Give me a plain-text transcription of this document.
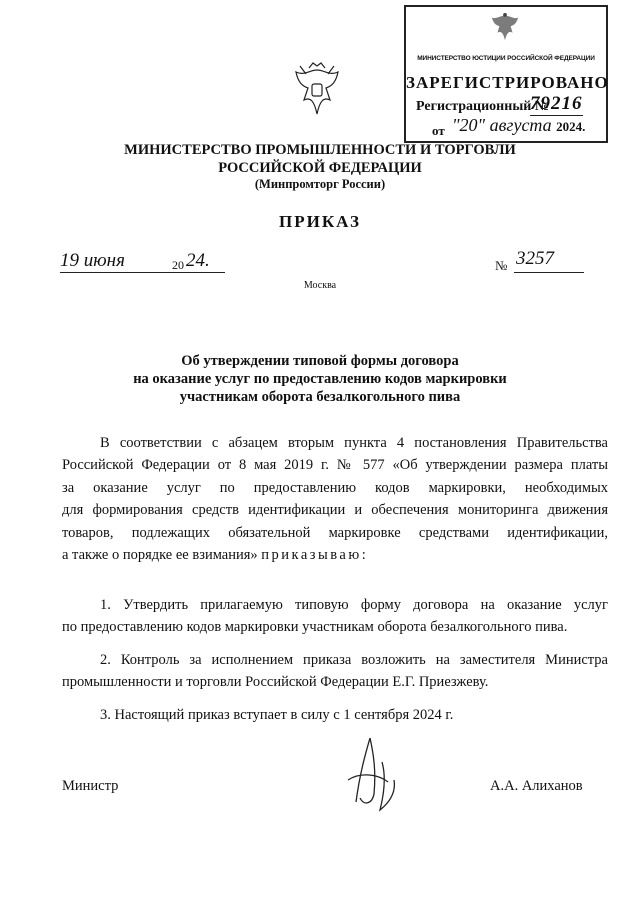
МИНИСТЕРСТВО ЮСТИЦИИ РОССИЙСКОЙ ФЕДЕРАЦИИ
ЗАРЕГИСТРИРОВАНО
Регистрационный №
79216
от "20" августа 2024.
МИНИСТЕРСТВО ПРОМЫШЛЕННОСТИ И ТОРГОВЛИ
РОССИЙСКОЙ ФЕДЕРАЦИИ
(Минпромторг России)
ПРИКАЗ
19 июня	20 24.	№ 3257
Москва
Об утверждении типовой формы договора
на оказание услуг по предоставлению кодов маркировки
участникам оборота безалкогольного пива
В соответствии с абзацем вторым пункта 4 постановления Правительства
Российской Федерации от 8 мая 2019 г. № 577 «Об утверждении размера платы
за оказание услуг по предоставлению кодов маркировки, необходимых
для формирования средств идентификации и обеспечения мониторинга движения
товаров, подлежащих обязательной маркировке средствами идентификации,
а также о порядке ее взимания» приказываю:
1. Утвердить прилагаемую типовую форму договора на оказание услуг
по предоставлению кодов маркировки участникам оборота безалкогольного пива.
2. Контроль за исполнением приказа возложить на заместителя Министра
промышленности и торговли Российской Федерации Е.Г. Приезжеву.
3. Настоящий приказ вступает в силу с 1 сентября 2024 г.
Министр	А.А. Алиханов
